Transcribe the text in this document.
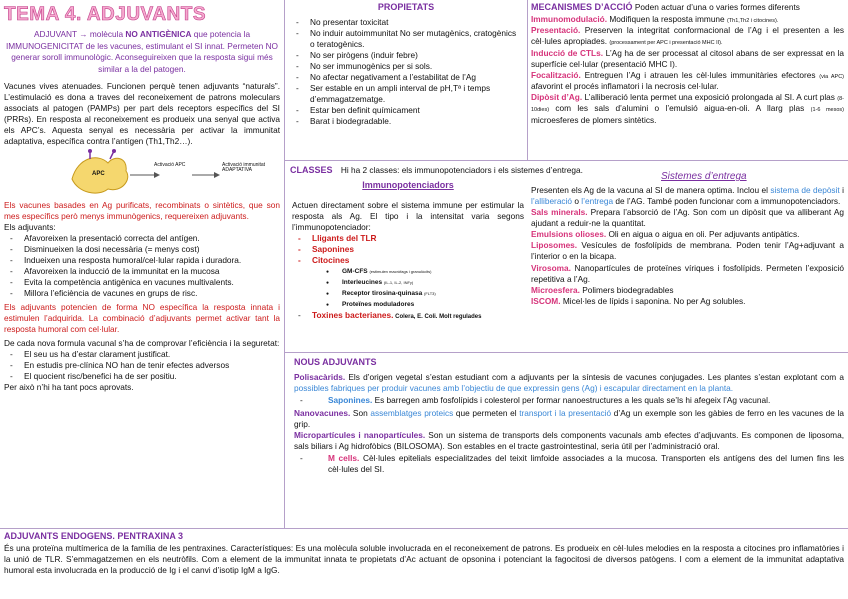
TEMA 4. ADJUVANTS
ADJUVANT → molècula NO ANTIGÈNICA que potencia la IMMUNOGENICITAT de les vacunes, estimulant el SI innat. Permeten NO generar soroll immunològic. Aconseguireixen que la resposta sigui més similar a la del patogen.

Vacunes vives atenuades. Funcionen perquè tenen adjuvants “naturals”. L’estimulació es dona a traves del reconeixement de patrons moleculars associats al patogen (PAMPs) per part dels receptors específics del SI (PRRs). En resposta al reconeixement es produeix una senyal que activa els APC’s. Aquesta senyal es necessària per activar la immunitat adaptativa, específica contra l’antígen (Th1,Th2…).

APC
Activació APC	Activació immunitat ADAPTATIVA

Els vacunes basades en Ag purificats, recombinats o sintètics, que son mes específics però menys immunògenics, requereixen adjuvants.

Els adjuvants:

- Afavoreixen la presentació correcta del antígen.
- Disminueixen la dosi necessària (= menys cost)
- Indueixen una resposta humoral/cel·lular rapida i duradora.
- Afavoreixen la inducció de la immunitat en la mucosa
- Evita la competència antigènica en vacunes multivalents.
- Millora l’eficiència de vacunes en grups de risc.

Els adjuvants potencien de forma NO específica la resposta innata i estimulen l’adquirida. La combinació d’adjuvants permet activar tant la resposta humoral com cel·lular.

De cada nova formula vacunal s’ha de comprovar l’eficiència i la seguretat:

- El seu us ha d’estar clarament justificat.
- En estudis pre-clínica NO han de tenir efectes adversos
- El quocient risc/benefici ha de ser positiu.

Per això n’hi ha tant pocs aprovats.

PROPIETATS
- No presentar toxicitat
- No induir autoimmunitat No ser mutagènics, cratogènics o teratogènics.
- No ser pirògens (induir febre)
- No ser immunogènics per si sols.
- No afectar negativament a l’estabilitat de l’Ag
- Ser estable en un ampli interval de pH,Tª i temps d’emmagatzematge.
- Estar ben definit químicament
- Barat i biodegradable.

MECANISMES D’ACCIÓ Poden actuar d’una o varies formes diferents

Immunomodulació. Modifiquen la resposta immune (Th1,Th2 i citocines).

Presentació. Preserven la integritat conformacional de l’Ag i el presenten a les cèl·lules apropiades. (processament per APC i presentació MHC II).

Inducció de CTLs. L’Ag ha de ser processat al citosol abans de ser expressat en la superfície cel·lular (presentació MHC I).

Focalització. Entreguen l’Ag i atrauen les cèl·lules immunitàries efectores (via APC) afavorint el procés inflamatori i la necrosis cel·lular.

Dipòsit d’Ag. L’alliberació lenta permet una exposició prolongada al SI. A curt plas (8-10dies) com les sals d’alumini o l’emulsió aigua-en-oli. A llarg plas (1-6 mesos) microesferes de plomers sintètics.

CLASSES Hi ha 2 classes: els immunopotenciadors i els sistemes d’entrega.
Immunopotenciadors

Actuen directament sobre el sistema immune per estimular la resposta als Ag. El tipo i la intensitat varia segons l’immunopotenciador:

- Lligants del TLR
- Saponines
- Citocines
● GM-CFS (estimulen macròfags i granulòcits)
● Interleucines (IL-1, IL-2, INFγ)
● Receptor tirosina-quinasa (FLT3)
● Proteïnes moduladores
- Toxines bacterianes. Colera, E. Coli. Molt regulades
Sistemes d’entrega

Presenten els Ag de la vacuna al SI de manera optima. Inclou el sistema de depòsit i l’alliberació o l’entrega de l’AG. També poden funcionar com a immunopotenciadors.

Sals minerals. Prepara l’absorció de l’Ag. Son com un dipòsit que va alliberant Ag ajudant a reduir-ne la quantitat.

Emulsions olioses. Oli en aigua o aigua en oli. Per adjuvants antipàtics.

Liposomes. Vesícules de fosfolípids de membrana. Poden tenir l’Ag+adjuvant a l’interior o en la bicapa.

Virosoma. Nanopartícules de proteïnes víriques i fosfolípids. Permeten l’exposició repetitiva a l’Ag.

Microesfera. Polimers biodegradables

ISCOM. Micel·les de lípids i saponina. No per Ag solubles.

NOUS ADJUVANTS

Polisacàrids. Els d’origen vegetal s’estan estudiant com a adjuvants per la síntesis de vacunes conjugades. Les plantes s’estan explotant com a possibles fabriques per produir vacunes amb l’objectiu de que expressin gens (Ag) i escapular directament en la planta.

- Saponines. Es barregen amb fosfolípids i colesterol per formar nanoestructures a les quals se’ls hi afegeix l’Ag vacunal.

Nanovacunes. Son assemblatges proteics que permeten el transport i la presentació d’Ag un exemple son les gàbies de ferro en les vacunes de la grip.

Micropartícules i nanopartícules. Son un sistema de transports dels components vacunals amb efectes d’adjuvants. Es componen de liposoma, sals biliars i Ag hidrofòbics (BILOSOMA). Son estables en el tracte gastrointestinal, seria útil per l’administració oral.

- M cells. Cèl·lules epitelials especialitzades del teixit limfoide associades a la mucosa. Transporten els antígens des del lumen fins les cèl·lules del SI.
ADJUVANTS ENDOGENS. PENTRAXINA 3

És una proteïna multímerica de la família de les pentraxines. Característiques: Es una molècula soluble involucrada en el reconeixement de patrons. Es produeix en cèl·lules melodies en la resposta a citocines pro inflamatòries i la unió de TLR. S’emmagatzemen en els neutròfils. Com a element de la immunitat innata te propietats d’Ac actuant de opsonina i potenciant la fagocitosi de diversos patògens. I com a element de la immunitat adaptativa humoral esta involucrada en la producció de Ig i el canvi d’isotip IgM a IgG.
